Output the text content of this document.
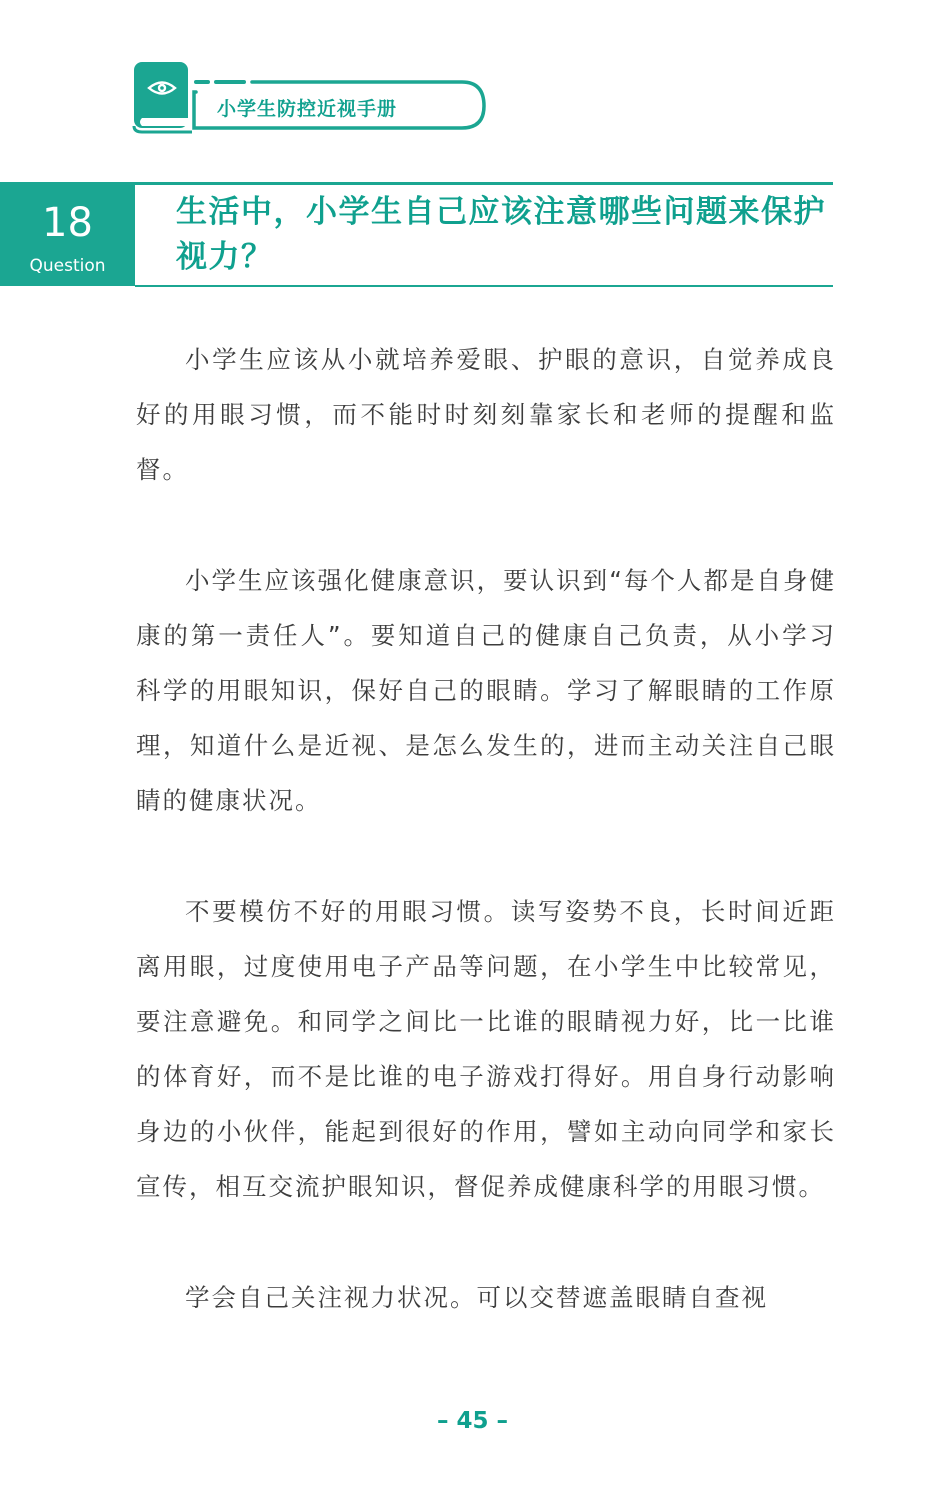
小学生防控近视手册
18
Question
生活中，小学生自己应该注意哪些问题来保护视力？

小学生应该从小就培养爱眼、护眼的意识，自觉养成良好的用眼习惯，而不能时时刻刻靠家长和老师的提醒和监督。

小学生应该强化健康意识，要认识到“每个人都是自身健康的第一责任人”。要知道自己的健康自己负责，从小学习科学的用眼知识，保好自己的眼睛。学习了解眼睛的工作原理，知道什么是近视、是怎么发生的，进而主动关注自己眼睛的健康状况。

不要模仿不好的用眼习惯。读写姿势不良，长时间近距离用眼，过度使用电子产品等问题，在小学生中比较常见，要注意避免。和同学之间比一比谁的眼睛视力好，比一比谁的体育好，而不是比谁的电子游戏打得好。用自身行动影响身边的小伙伴，能起到很好的作用，譬如主动向同学和家长宣传，相互交流护眼知识，督促养成健康科学的用眼习惯。

学会自己关注视力状况。可以交替遮盖眼睛自查视

– 45 –
